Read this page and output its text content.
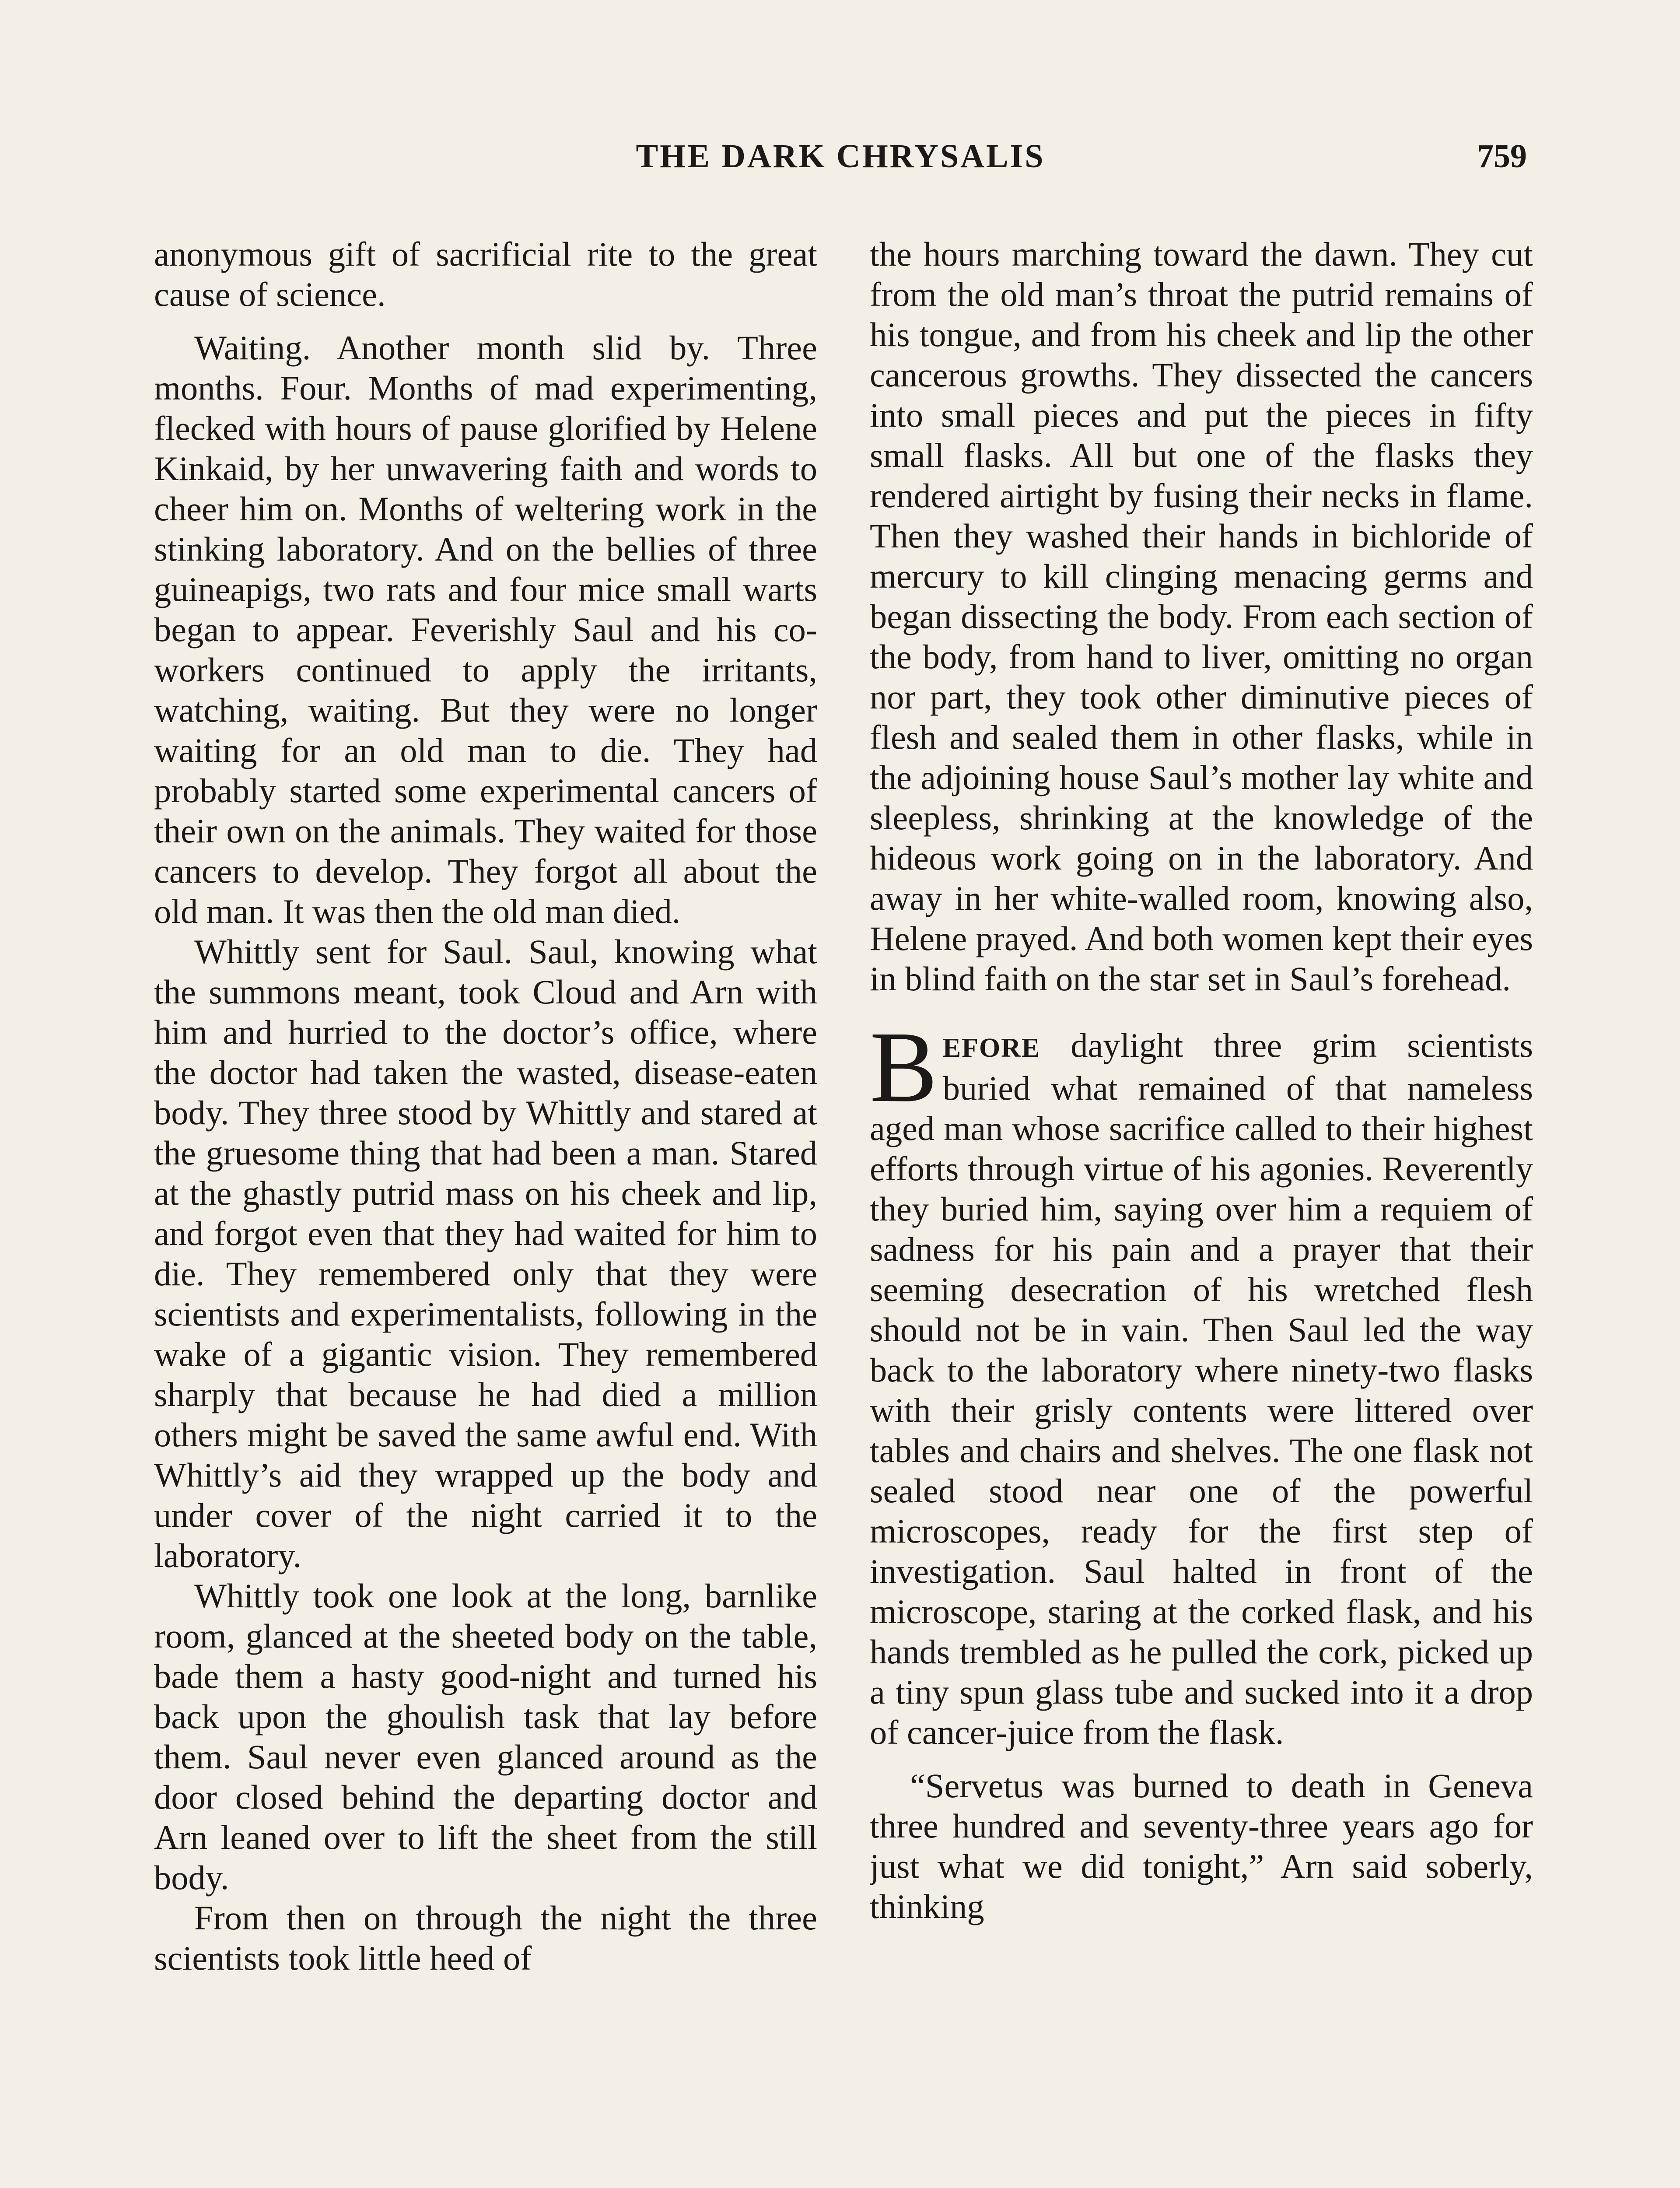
THE DARK CHRYSALIS	759

anonymous gift of sacrificial rite to the great cause of science.

Waiting. Another month slid by. Three months. Four. Months of mad experimenting, flecked with hours of pause glorified by Helene Kinkaid, by her unwavering faith and words to cheer him on. Months of weltering work in the stinking laboratory. And on the bellies of three guineapigs, two rats and four mice small warts began to appear. Feverishly Saul and his co-workers continued to apply the irritants, watching, waiting. But they were no longer waiting for an old man to die. They had probably started some experimental cancers of their own on the animals. They waited for those cancers to develop. They forgot all about the old man. It was then the old man died.

Whittly sent for Saul. Saul, knowing what the summons meant, took Cloud and Arn with him and hurried to the doctor’s office, where the doctor had taken the wasted, disease-eaten body. They three stood by Whittly and stared at the gruesome thing that had been a man. Stared at the ghastly putrid mass on his cheek and lip, and forgot even that they had waited for him to die. They remembered only that they were scientists and experimentalists, following in the wake of a gigantic vision. They remembered sharply that because he had died a million others might be saved the same awful end. With Whittly’s aid they wrapped up the body and under cover of the night carried it to the laboratory.

Whittly took one look at the long, barnlike room, glanced at the sheeted body on the table, bade them a hasty good-night and turned his back upon the ghoulish task that lay before them. Saul never even glanced around as the door closed behind the departing doctor and Arn leaned over to lift the sheet from the still body.

From then on through the night the three scientists took little heed of

the hours marching toward the dawn. They cut from the old man’s throat the putrid remains of his tongue, and from his cheek and lip the other cancerous growths. They dissected the cancers into small pieces and put the pieces in fifty small flasks. All but one of the flasks they rendered airtight by fusing their necks in flame. Then they washed their hands in bichloride of mercury to kill clinging menacing germs and began dissecting the body. From each section of the body, from hand to liver, omitting no organ nor part, they took other diminutive pieces of flesh and sealed them in other flasks, while in the adjoining house Saul’s mother lay white and sleepless, shrinking at the knowledge of the hideous work going on in the laboratory. And away in her white-walled room, knowing also, Helene prayed. And both women kept their eyes in blind faith on the star set in Saul’s forehead.

BEFORE daylight three grim scientists buried what remained of that nameless aged man whose sacrifice called to their highest efforts through virtue of his agonies. Reverently they buried him, saying over him a requiem of sadness for his pain and a prayer that their seeming desecration of his wretched flesh should not be in vain. Then Saul led the way back to the laboratory where ninety-two flasks with their grisly contents were littered over tables and chairs and shelves. The one flask not sealed stood near one of the powerful microscopes, ready for the first step of investigation. Saul halted in front of the microscope, staring at the corked flask, and his hands trembled as he pulled the cork, picked up a tiny spun glass tube and sucked into it a drop of cancer-juice from the flask.

“Servetus was burned to death in Geneva three hundred and seventy-three years ago for just what we did tonight,” Arn said soberly, thinking
